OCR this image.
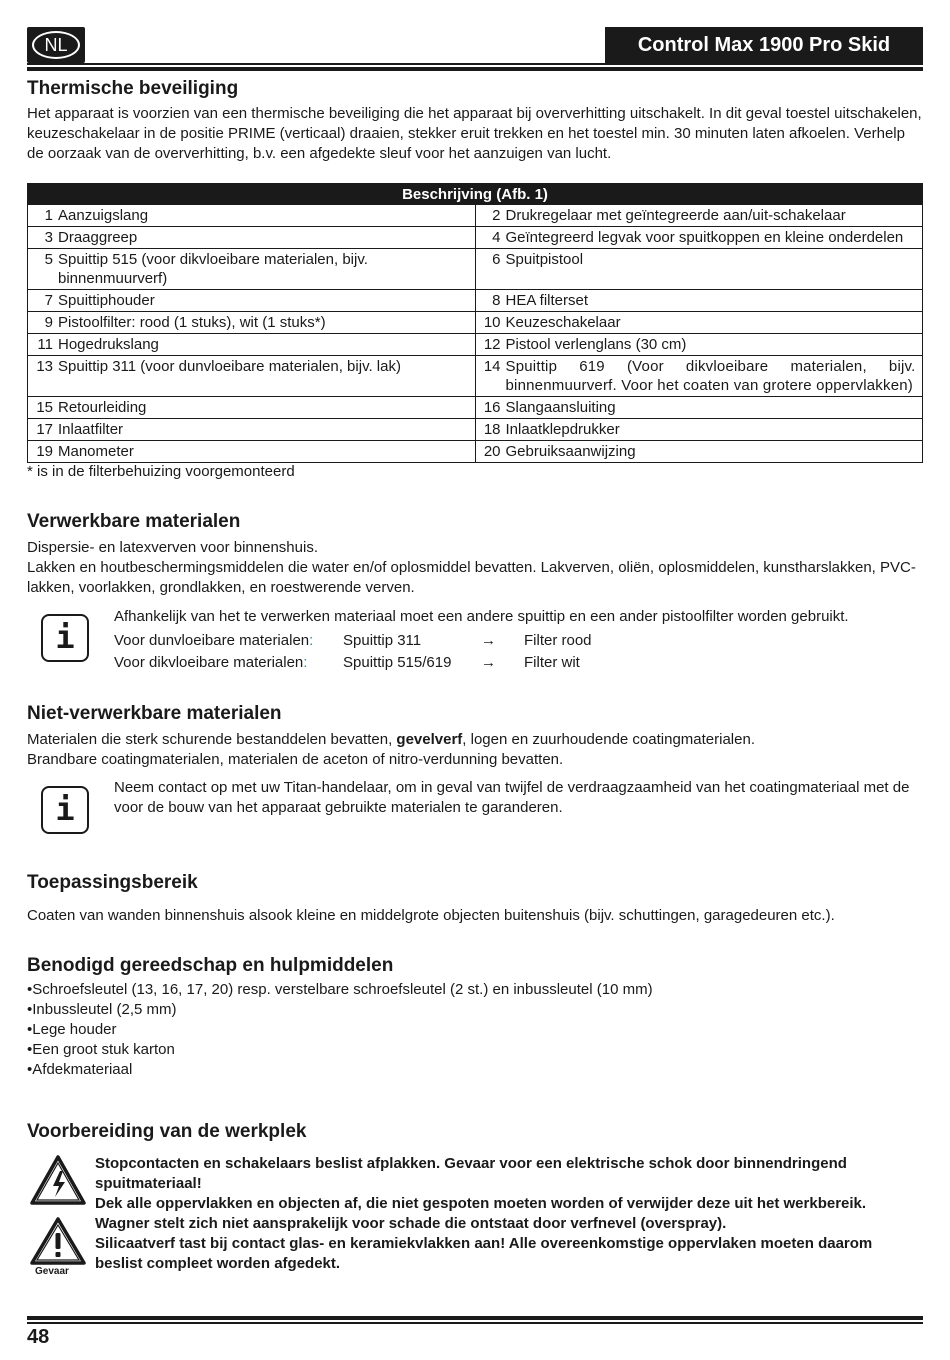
NL	Control Max 1900 Pro Skid
Thermische beveiliging
Het apparaat is voorzien van een thermische beveiliging die het apparaat bij oververhitting uitschakelt. In dit geval toestel uitschakelen, keuzeschakelaar in de positie PRIME (verticaal) draaien, stekker eruit trekken en het toestel min. 30 minuten laten afkoelen. Verhelp de oorzaak van de oververhitting, b.v. een afgedekte sleuf voor het aanzuigen van lucht.
Beschrijving (Afb. 1)	
1 Aanzuigslang	2 Drukregelaar met geïntegreerde aan/uit-schakelaar
3 Draaggreep	4 Geïntegreerd legvak voor spuitkoppen en kleine onderdelen
5 Spuittip 515 (voor dikvloeibare materialen, bijv. binnenmuurverf)	6 Spuitpistool
7 Spuittiphouder	8 HEA filterset
9 Pistoolfilter: rood (1 stuks), wit (1 stuks*)	10 Keuzeschakelaar
11 Hogedrukslang	12 Pistool verlenglans (30 cm)
13 Spuittip 311 (voor dunvloeibare materialen, bijv. lak)	14 Spuittip 619 (Voor dikvloeibare materialen, bijv. binnenmuurverf. Voor het coaten van grotere oppervlakken)
15 Retourleiding	16 Slangaansluiting
17 Inlaatfilter	18 Inlaatklepdrukker
19 Manometer	20 Gebruiksaanwijzing
* is in de filterbehuizing voorgemonteerd
Verwerkbare materialen
Dispersie- en latexverven voor binnenshuis.
Lakken en houtbeschermingsmiddelen die water en/of oplosmiddel bevatten. Lakverven, oliën, oplosmiddelen, kunstharslakken, PVC-lakken, voorlakken, grondlakken, en roestwerende verven.
i
Afhankelijk van het te verwerken materiaal moet een andere spuittip en een ander pistoolfilter worden gebruikt.
Voor dunvloeibare materialen: Spuittip 311	→ Filter rood
Voor dikvloeibare materialen: Spuittip 515/619 → Filter wit
Niet-verwerkbare materialen
Materialen die sterk schurende bestanddelen bevatten, gevelverf, logen en zuurhoudende coatingmaterialen.
Brandbare coatingmaterialen, materialen de aceton of nitro-verdunning bevatten.
i
Neem contact op met uw Titan-handelaar, om in geval van twijfel de verdraagzaamheid van het coatingmateriaal met de voor de bouw van het apparaat gebruikte materialen te garanderen.
Toepassingsbereik
Coaten van wanden binnenshuis alsook kleine en middelgrote objecten buitenshuis (bijv. schuttingen, garagedeuren etc.).
Benodigd gereedschap en hulpmiddelen
•Schroefsleutel (13, 16, 17, 20) resp. verstelbare schroefsleutel (2 st.) en inbussleutel (10 mm)
•Inbussleutel (2,5 mm)
•Lege houder
•Een groot stuk karton
•Afdekmateriaal
Voorbereiding van de werkplek
Gevaar
Stopcontacten en schakelaars beslist afplakken. Gevaar voor een elektrische schok door binnendringend spuitmateriaal!
Dek alle oppervlakken en objecten af, die niet gespoten moeten worden of verwijder deze uit het werkbereik.
Wagner stelt zich niet aansprakelijk voor schade die ontstaat door verfnevel (overspray).
Silicaatverf tast bij contact glas- en keramiekvlakken aan! Alle overeenkomstige oppervlaken moeten daarom beslist compleet worden afgedekt.
48
